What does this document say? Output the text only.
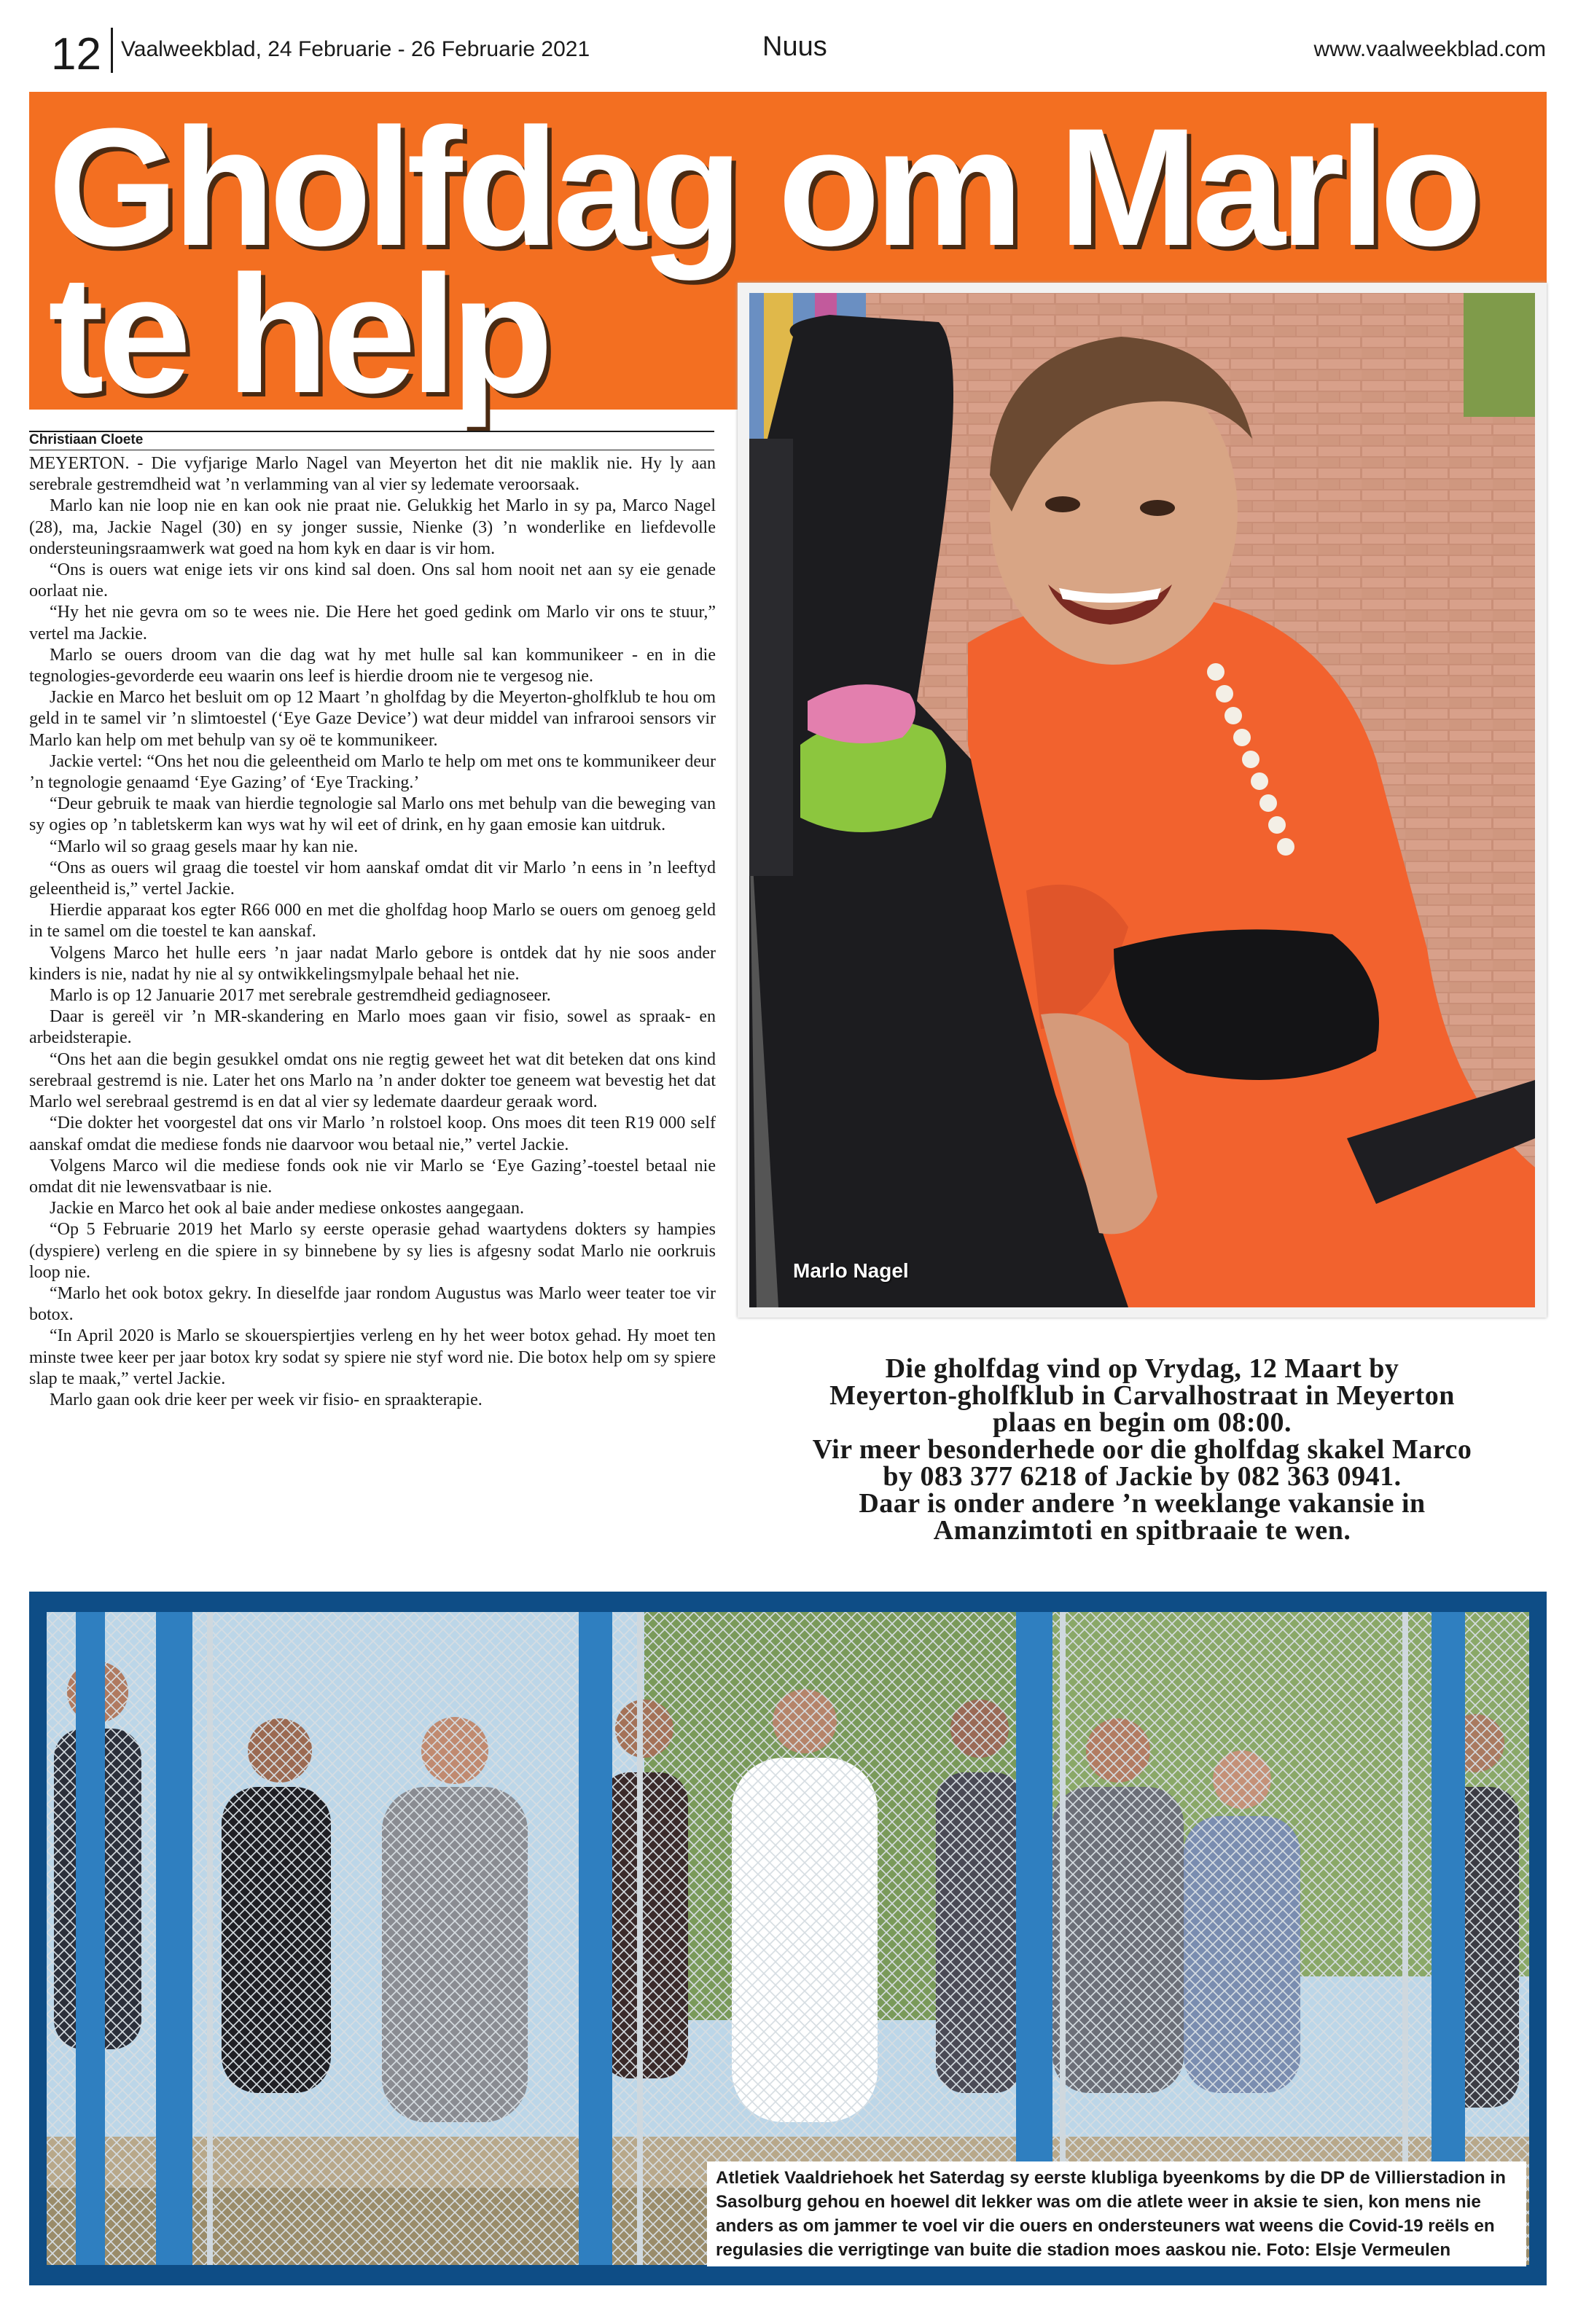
12 Vaalweekblad, 24 Februarie - 26 Februarie 2021	Nuus	www.vaalweekblad.com
Gholfdag om Marlo
te help
Christiaan Cloete

MEYERTON. - Die vyfjarige Marlo Nagel van Meyerton het dit nie maklik nie. Hy ly aan serebrale gestremdheid wat ’n verlamming van al vier sy ledemate veroorsaak.

Marlo kan nie loop nie en kan ook nie praat nie. Gelukkig het Marlo in sy pa, Marco Nagel (28), ma, Jackie Nagel (30) en sy jonger sussie, Nienke (3) ’n wonderlike en liefdevolle ondersteuningsraamwerk wat goed na hom kyk en daar is vir hom.

“Ons is ouers wat enige iets vir ons kind sal doen. Ons sal hom nooit net aan sy eie genade oorlaat nie.

“Hy het nie gevra om so te wees nie. Die Here het goed gedink om Marlo vir ons te stuur,” vertel ma Jackie.

Marlo se ouers droom van die dag wat hy met hulle sal kan kommunikeer - en in die tegnologies-gevorderde eeu waarin ons leef is hierdie droom nie te vergesog nie.

Jackie en Marco het besluit om op 12 Maart ’n gholfdag by die Meyerton-gholfklub te hou om geld in te samel vir ’n slimtoestel (‘Eye Gaze Device’) wat deur middel van infrarooi sensors vir Marlo kan help om met behulp van sy oë te kommunikeer.

Jackie vertel: “Ons het nou die geleentheid om Marlo te help om met ons te kommunikeer deur ’n tegnologie genaamd ‘Eye Gazing’ of ‘Eye Tracking.’

“Deur gebruik te maak van hierdie tegnologie sal Marlo ons met behulp van die beweging van sy ogies op ’n tabletskerm kan wys wat hy wil eet of drink, en hy gaan emosie kan uitdruk.

“Marlo wil so graag gesels maar hy kan nie.

“Ons as ouers wil graag die toestel vir hom aanskaf omdat dit vir Marlo ’n eens in ’n leeftyd geleentheid is,” vertel Jackie.

Hierdie apparaat kos egter R66 000 en met die gholfdag hoop Marlo se ouers om genoeg geld in te samel om die toestel te kan aanskaf.

Volgens Marco het hulle eers ’n jaar nadat Marlo gebore is ontdek dat hy nie soos ander kinders is nie, nadat hy nie al sy ontwikkelingsmylpale behaal het nie.

Marlo is op 12 Januarie 2017 met serebrale gestremdheid gediagnoseer.

Daar is gereël vir ’n MR-skandering en Marlo moes gaan vir fisio, sowel as spraak- en arbeidsterapie.

“Ons het aan die begin gesukkel omdat ons nie regtig geweet het wat dit beteken dat ons kind serebraal gestremd is nie. Later het ons Marlo na ’n ander dokter toe geneem wat bevestig het dat Marlo wel serebraal gestremd is en dat al vier sy ledemate daardeur geraak word.

“Die dokter het voorgestel dat ons vir Marlo ’n rolstoel koop. Ons moes dit teen R19 000 self aanskaf omdat die mediese fonds nie daarvoor wou betaal nie,” vertel Jackie.

Volgens Marco wil die mediese fonds ook nie vir Marlo se ‘Eye Gazing’-toestel betaal nie omdat dit nie lewensvatbaar is nie.

Jackie en Marco het ook al baie ander mediese onkostes aangegaan.

“Op 5 Februarie 2019 het Marlo sy eerste operasie gehad waartydens dokters sy hampies (dyspiere) verleng en die spiere in sy binnebene by sy lies is afgesny sodat Marlo nie oorkruis loop nie.

“Marlo het ook botox gekry. In dieselfde jaar rondom Augustus was Marlo weer teater toe vir botox.

“In April 2020 is Marlo se skouerspiertjies verleng en hy het weer botox gehad. Hy moet ten minste twee keer per jaar botox kry sodat sy spiere nie styf word nie. Die botox help om sy spiere slap te maak,” vertel Jackie.

Marlo gaan ook drie keer per week vir fisio- en spraakterapie.

Marlo Nagel
Die gholfdag vind op Vrydag, 12 Maart by
Meyerton-gholfklub in Carvalhostraat in Meyerton
plaas en begin om 08:00.
Vir meer besonderhede oor die gholfdag skakel Marco
by 083 377 6218 of Jackie by 082 363 0941.
Daar is onder andere ’n weeklange vakansie in
Amanzimtoti en spitbraaie te wen.
Atletiek Vaaldriehoek het Saterdag sy eerste klubliga byeenkoms by die DP de Villierstadion in Sasolburg gehou en hoewel dit lekker was om die atlete weer in aksie te sien, kon mens nie anders as om jammer te voel vir die ouers en ondersteuners wat weens die Covid-19 reëls en regulasies die verrigtinge van buite die stadion moes aaskou nie. Foto: Elsje Vermeulen
